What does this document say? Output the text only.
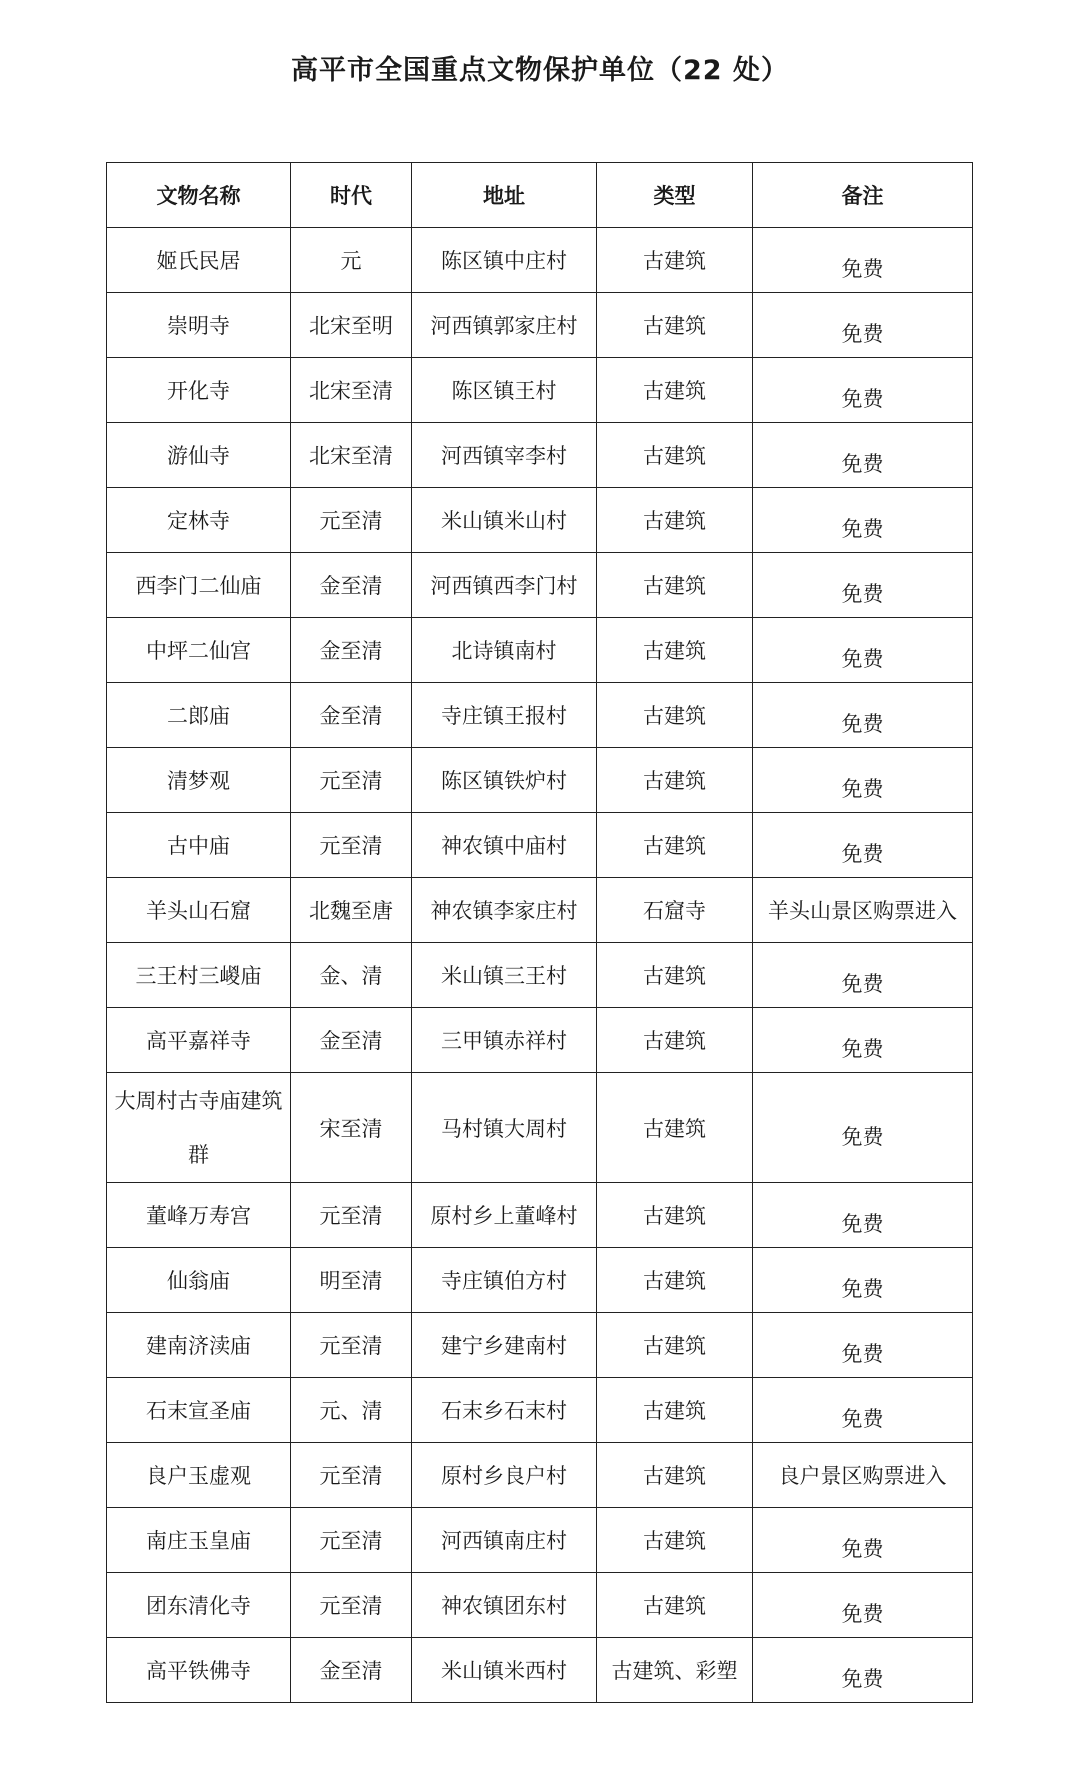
高平市全国重点文物保护单位（22 处）
文物名称	时代	地址	类型	备注
姬氏民居	元	陈区镇中庄村	古建筑	免费
崇明寺	北宋至明	河西镇郭家庄村	古建筑	免费
开化寺	北宋至清	陈区镇王村	古建筑	免费
游仙寺	北宋至清	河西镇宰李村	古建筑	免费
定林寺	元至清	米山镇米山村	古建筑	免费
西李门二仙庙	金至清	河西镇西李门村	古建筑	免费
中坪二仙宫	金至清	北诗镇南村	古建筑	免费
二郎庙	金至清	寺庄镇王报村	古建筑	免费
清梦观	元至清	陈区镇铁炉村	古建筑	免费
古中庙	元至清	神农镇中庙村	古建筑	免费
羊头山石窟	北魏至唐	神农镇李家庄村	石窟寺	羊头山景区购票进入
三王村三嵕庙	金、清	米山镇三王村	古建筑	免费
高平嘉祥寺	金至清	三甲镇赤祥村	古建筑	免费
大周村古寺庙建筑群	宋至清	马村镇大周村	古建筑	免费
董峰万寿宫	元至清	原村乡上董峰村	古建筑	免费
仙翁庙	明至清	寺庄镇伯方村	古建筑	免费
建南济渎庙	元至清	建宁乡建南村	古建筑	免费
石末宣圣庙	元、清	石末乡石末村	古建筑	免费
良户玉虚观	元至清	原村乡良户村	古建筑	良户景区购票进入
南庄玉皇庙	元至清	河西镇南庄村	古建筑	免费
团东清化寺	元至清	神农镇团东村	古建筑	免费
高平铁佛寺	金至清	米山镇米西村	古建筑、彩塑	免费
